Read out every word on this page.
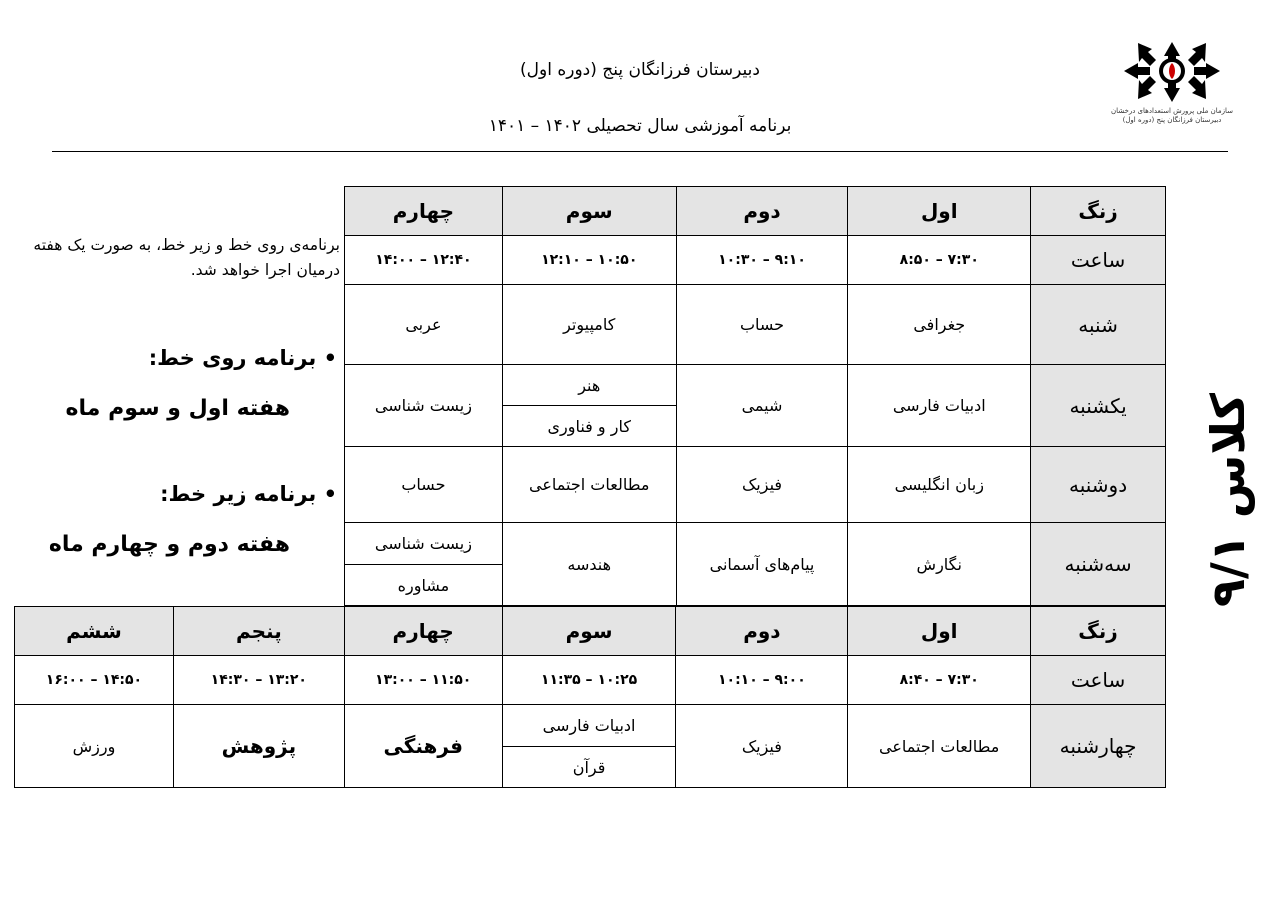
دبیرستان فرزانگان پنج (دوره اول)
برنامه آموزشی سال تحصیلی ۱۴۰۲ – ۱۴۰۱
سازمان ملی پرورش استعدادهای درخشان
دبیرستان فرزانگان پنج (دوره اول)
کلاس ۹/۱
زنگ	اول	دوم	سوم	چهارم
ساعت	۷:۳۰ – ۸:۵۰	۹:۱۰ – ۱۰:۳۰	۱۰:۵۰ – ۱۲:۱۰	۱۲:۴۰ – ۱۴:۰۰
شنبه	جغرافی	حساب	کامپیوتر	عربی
یکشنبه	ادبیات فارسی	شیمی	هنر	زیست شناسی
			کار و فناوری	
دوشنبه	زبان انگلیسی	فیزیک	مطالعات اجتماعی	حساب
سه‌شنبه	نگارش	پیام‌های آسمانی	هندسه	زیست شناسی
				مشاوره
زنگ	اول	دوم	سوم	چهارم	پنجم	ششم
ساعت	۷:۳۰ – ۸:۴۰	۹:۰۰ – ۱۰:۱۰	۱۰:۲۵ – ۱۱:۳۵	۱۱:۵۰ – ۱۳:۰۰	۱۳:۲۰ – ۱۴:۳۰	۱۴:۵۰ – ۱۶:۰۰
چهارشنبه	مطالعات اجتماعی	فیزیک	ادبیات فارسی	فرهنگی	پژوهش	ورزش
			قرآن			
برنامه‌ی روی خط و زیر خط، به صورت یک هفته درمیان اجرا خواهد شد.
• برنامه روی خط:
هفته اول و سوم ماه
• برنامه زیر خط:
هفته دوم و چهارم ماه
